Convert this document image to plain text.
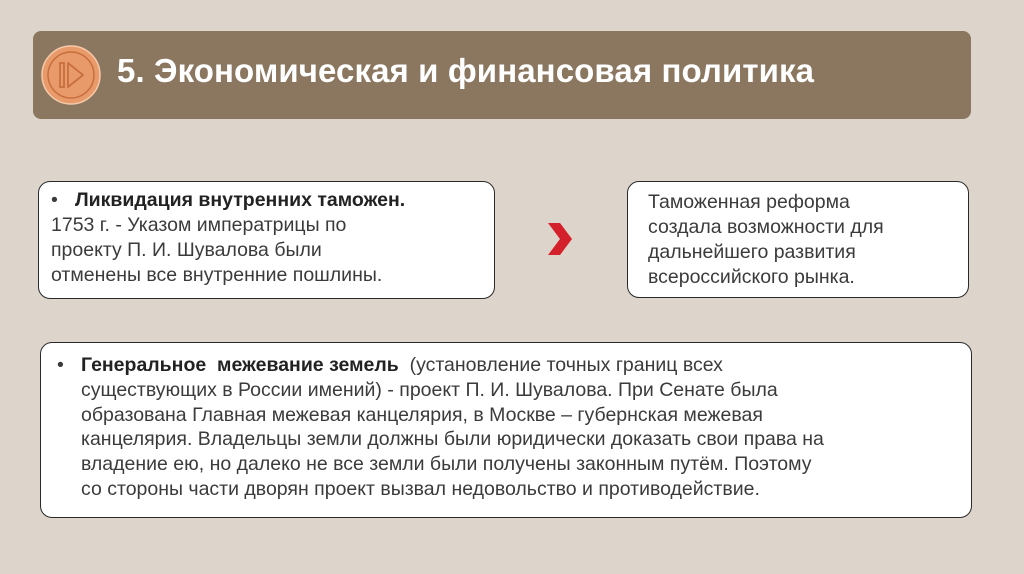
5. Экономическая и финансовая политика
• Ликвидация внутренних таможен.
1753 г. - Указом императрицы по
проекту П. И. Шувалова были
отменены все внутренние пошлины.
Таможенная реформа
создала возможности для
дальнейшего развития
всероссийского рынка.
• Генеральное  межевание земель  (установление точных границ всех
существующих в России имений) - проект П. И. Шувалова. При Сенате была
образована Главная межевая канцелярия, в Москве – губернская межевая
канцелярия. Владельцы земли должны были юридически доказать свои права на
владение ею, но далеко не все земли были получены законным путём. Поэтому
со стороны части дворян проект вызвал недовольство и противодействие.
